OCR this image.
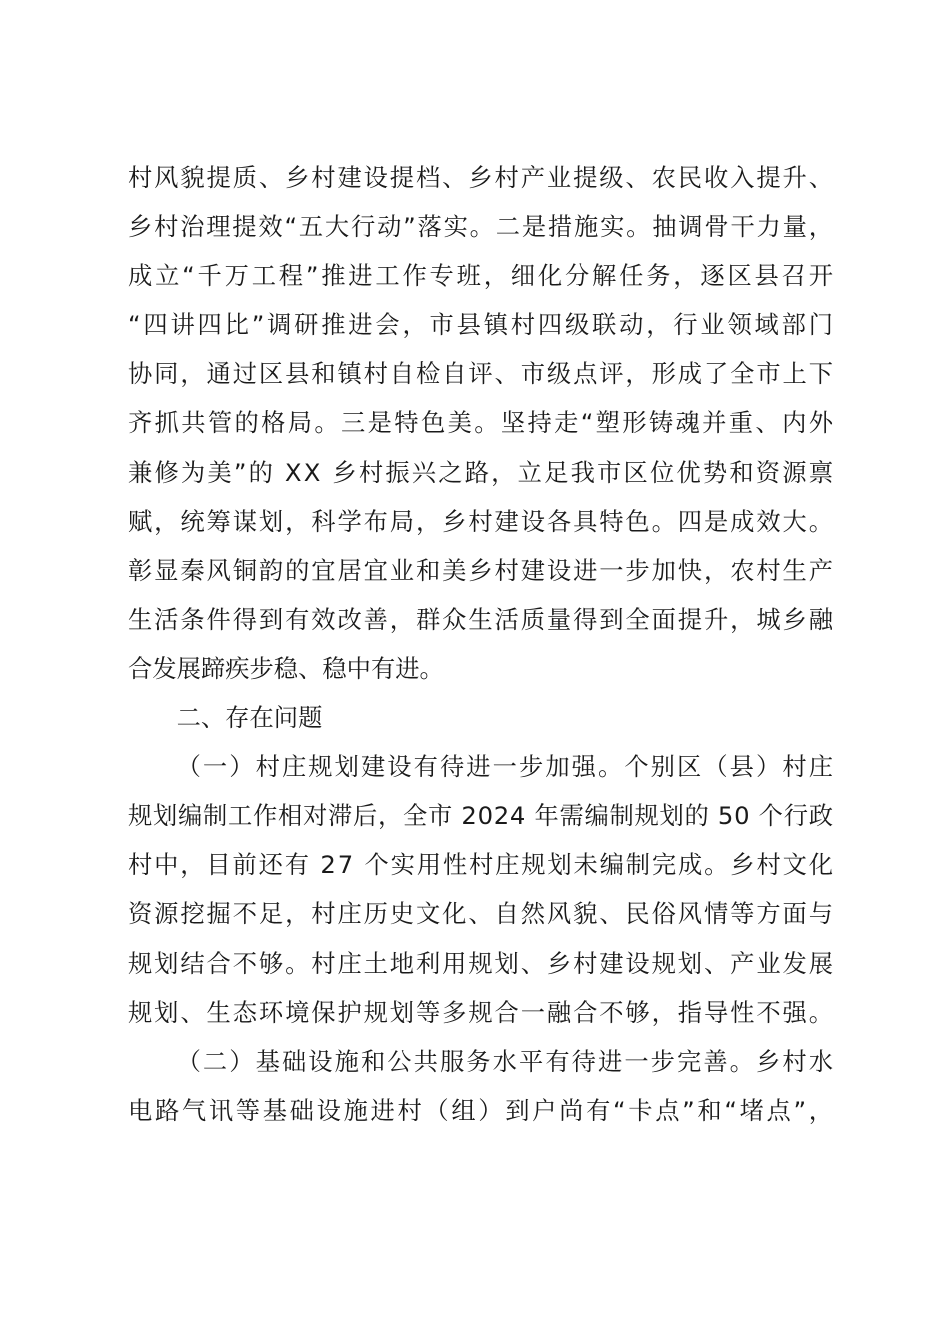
村风貌提质、乡村建设提档、乡村产业提级、农民收入提升、
乡村治理提效“五大行动”落实。二是措施实。抽调骨干力量，
成立“千万工程”推进工作专班，细化分解任务，逐区县召开
“四讲四比”调研推进会，市县镇村四级联动，行业领域部门
协同，通过区县和镇村自检自评、市级点评，形成了全市上下
齐抓共管的格局。三是特色美。坚持走“塑形铸魂并重、内外
兼修为美”的 XX 乡村振兴之路，立足我市区位优势和资源禀
赋，统筹谋划，科学布局，乡村建设各具特色。四是成效大。
彰显秦风铜韵的宜居宜业和美乡村建设进一步加快，农村生产
生活条件得到有效改善，群众生活质量得到全面提升，城乡融
合发展蹄疾步稳、稳中有进。
二、存在问题
（一）村庄规划建设有待进一步加强。个别区（县）村庄
规划编制工作相对滞后，全市 2024 年需编制规划的 50 个行政
村中，目前还有 27 个实用性村庄规划未编制完成。乡村文化
资源挖掘不足，村庄历史文化、自然风貌、民俗风情等方面与
规划结合不够。村庄土地利用规划、乡村建设规划、产业发展
规划、生态环境保护规划等多规合一融合不够，指导性不强。
（二）基础设施和公共服务水平有待进一步完善。乡村水
电路气讯等基础设施进村（组）到户尚有“卡点”和“堵点”，
